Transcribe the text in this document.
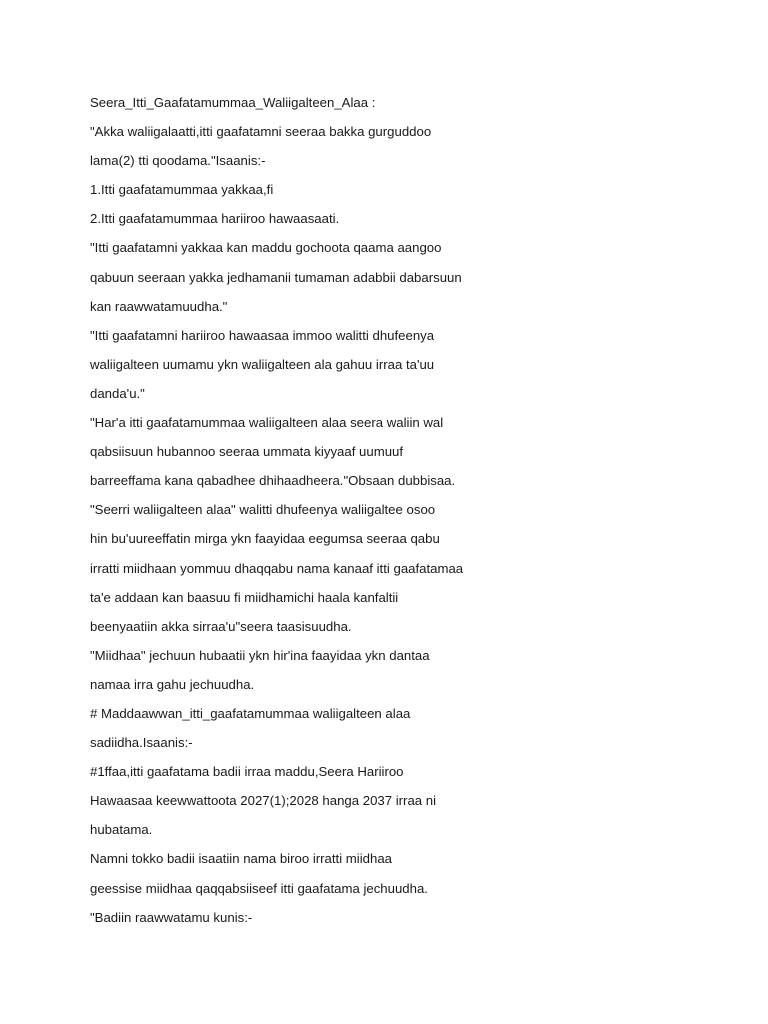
Seera_Itti_Gaafatamummaa_Waliigalteen_Alaa :

"Akka waliigalaatti,itti gaafatamni seeraa bakka gurguddoo

lama(2) tti qoodama."Isaanis:-

1.Itti gaafatamummaa yakkaa,fi

2.Itti gaafatamummaa hariiroo hawaasaati.

"Itti gaafatamni yakkaa kan maddu gochoota qaama aangoo

qabuun seeraan yakka jedhamanii tumaman adabbii dabarsuun

kan raawwatamuudha."

"Itti gaafatamni hariiroo hawaasaa immoo walitti dhufeenya

waliigalteen uumamu ykn waliigalteen ala gahuu irraa ta'uu

danda'u."

"Har'a itti gaafatamummaa waliigalteen alaa seera waliin wal

qabsiisuun hubannoo seeraa ummata kiyyaaf uumuuf

barreeffama kana qabadhee dhihaadheera."Obsaan dubbisaa.

"Seerri waliigalteen alaa" walitti dhufeenya waliigaltee osoo

hin bu'uureeffatin mirga ykn faayidaa eegumsa seeraa qabu

irratti miidhaan yommuu dhaqqabu nama kanaaf itti gaafatamaa

ta'e addaan kan baasuu fi miidhamichi haala kanfaltii

beenyaatiin akka sirraa'u"seera taasisuudha.

"Miidhaa" jechuun hubaatii ykn hir'ina faayidaa ykn dantaa

namaa irra gahu jechuudha.

# Maddaawwan_itti_gaafatamummaa waliigalteen alaa

sadiidha.Isaanis:-

#1ffaa,itti gaafatama badii irraa maddu,Seera Hariiroo

Hawaasaa keewwattoota 2027(1);2028 hanga 2037 irraa ni

hubatama.

Namni tokko badii isaatiin nama biroo irratti miidhaa

geessise miidhaa qaqqabsiiseef itti gaafatama jechuudha.

"Badiin raawwatamu kunis:-
